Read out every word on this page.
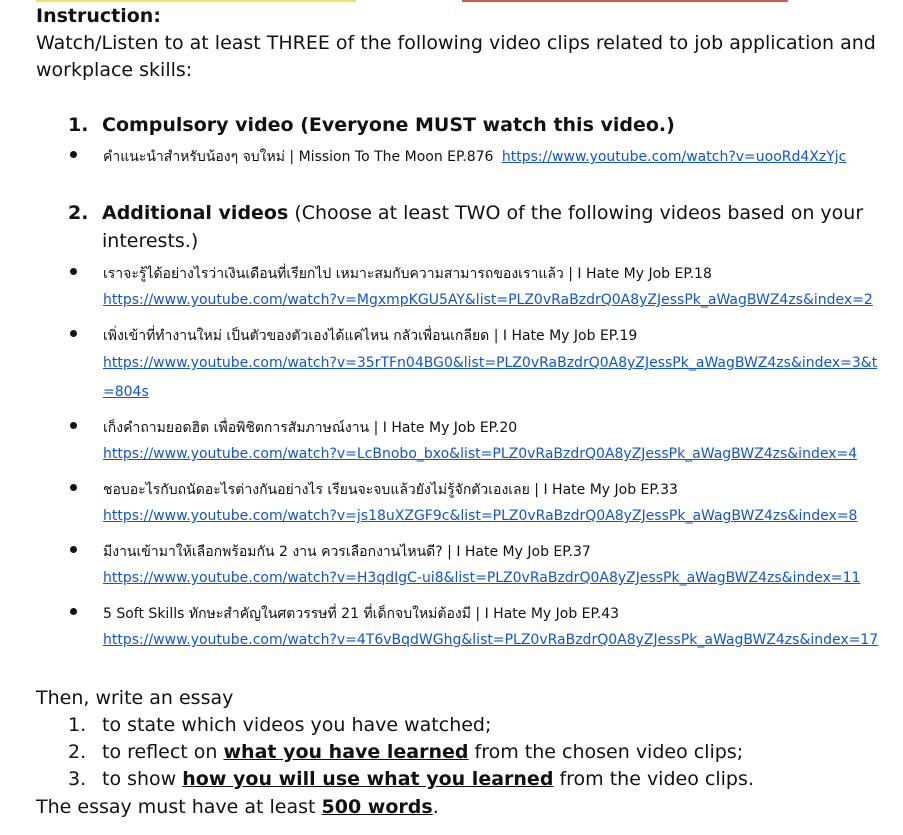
Instruction:
Watch/Listen to at least THREE of the following video clips related to job application and
workplace skills:
1. Compulsory video (Everyone MUST watch this video.)
คำแนะนำสำหรับน้องๆ จบใหม่ | Mission To The Moon EP.876 https://www.youtube.com/watch?v=uooRd4XzYjc
2. Additional videos (Choose at least TWO of the following videos based on your
interests.)
เราจะรู้ได้อย่างไรว่าเงินเดือนที่เรียกไป เหมาะสมกับความสามารถของเราแล้ว | I Hate My Job EP.18
https://www.youtube.com/watch?v=MgxmpKGU5AY&list=PLZ0vRaBzdrQ0A8yZJessPk_aWagBWZ4zs&index=2
เพิ่งเข้าที่ทำงานใหม่ เป็นตัวของตัวเองได้แค่ไหน กลัวเพื่อนเกลียด | I Hate My Job EP.19
https://www.youtube.com/watch?v=35rTFn04BG0&list=PLZ0vRaBzdrQ0A8yZJessPk_aWagBWZ4zs&index=3&t
=804s
เก็งคำถามยอดฮิต เพื่อพิชิตการสัมภาษณ์งาน | I Hate My Job EP.20
https://www.youtube.com/watch?v=LcBnobo_bxo&list=PLZ0vRaBzdrQ0A8yZJessPk_aWagBWZ4zs&index=4
ชอบอะไรกับถนัดอะไรต่างกันอย่างไร เรียนจะจบแล้วยังไม่รู้จักตัวเองเลย | I Hate My Job EP.33
https://www.youtube.com/watch?v=js18uXZGF9c&list=PLZ0vRaBzdrQ0A8yZJessPk_aWagBWZ4zs&index=8
มีงานเข้ามาให้เลือกพร้อมกัน 2 งาน ควรเลือกงานไหนดี? | I Hate My Job EP.37
https://www.youtube.com/watch?v=H3qdIgC-ui8&list=PLZ0vRaBzdrQ0A8yZJessPk_aWagBWZ4zs&index=11
5 Soft Skills ทักษะสำคัญในศตวรรษที่ 21 ที่เด็กจบใหม่ต้องมี | I Hate My Job EP.43
https://www.youtube.com/watch?v=4T6vBqdWGhg&list=PLZ0vRaBzdrQ0A8yZJessPk_aWagBWZ4zs&index=17
Then, write an essay
1. to state which videos you have watched;
2. to reflect on what you have learned from the chosen video clips;
3. to show how you will use what you learned from the video clips.
The essay must have at least 500 words.
